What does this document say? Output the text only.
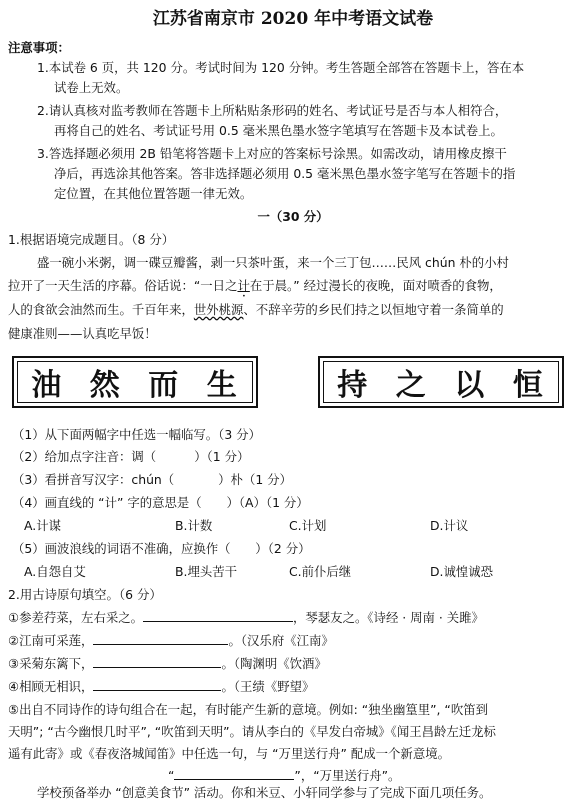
江苏省南京市 2020 年中考语文试卷
注意事项：
1.本试卷 6 页，共 120 分。考试时间为 120 分钟。考生答题全部答在答题卡上，答在本
试卷上无效。
2.请认真核对监考教师在答题卡上所粘贴条形码的姓名、考试证号是否与本人相符合，
再将自己的姓名、考试证号用 0.5 毫米黑色墨水签字笔填写在答题卡及本试卷上。
3.答选择题必须用 2B 铅笔将答题卡上对应的答案标号涂黑。如需改动，请用橡皮擦干
净后，再选涂其他答案。答非选择题必须用 0.5 毫米黑色墨水签字笔写在答题卡的指
定位置，在其他位置答题一律无效。
一（30 分）
1.根据语境完成题目。（8 分）
盛一碗小米粥，调一碟豆瓣酱，剥一只茶叶蛋，来一个三丁包……民风 chún 朴的小村
拉开了一天生活的序幕。俗话说：“一日之计在于晨。” 经过漫长的夜晚，面对喷香的食物，
人的食欲会油然而生。千百年来，世外桃源、不辞辛劳的乡民们持之以恒地守着一条简单的
健康准则——认真吃早饭！
油 然 而 生	持 之 以 恒
（1）从下面两幅字中任选一幅临写。（3 分）
（2）给加点字注音：调（	）（1 分）
（3）看拼音写汉字：chún（	）朴（1 分）
（4）画直线的 “计” 字的意思是（　　）（A）（1 分）
A.计谋	B.计数	C.计划	D.计议
（5）画波浪线的词语不准确，应换作（　　）（2 分）
A.自怨自艾	B.埋头苦干	C.前仆后继	D.诚惶诚恐
2.用古诗原句填空。（6 分）
①参差荇菜，左右采之。	，琴瑟友之。《诗经 · 周南 · 关雎》
②江南可采莲，	。（汉乐府《江南》
③采菊东篱下，	。（陶渊明《饮酒》
④相顾无相识，	。（王绩《野望》
⑤出自不同诗作的诗句组合在一起，有时能产生新的意境。例如: “独坐幽篁里”, “吹笛到
天明”; “古今幽恨几时平”, “吹笛到天明”。请从李白的《早发白帝城》《闻王昌龄左迁龙标
遥有此寄》或《春夜洛城闻笛》中任选一句，与 “万里送行舟” 配成一个新意境。
“	”，“万里送行舟”。
学校预备举办 “创意美食节” 活动。你和米豆、小轩同学参与了完成下面几项任务。
